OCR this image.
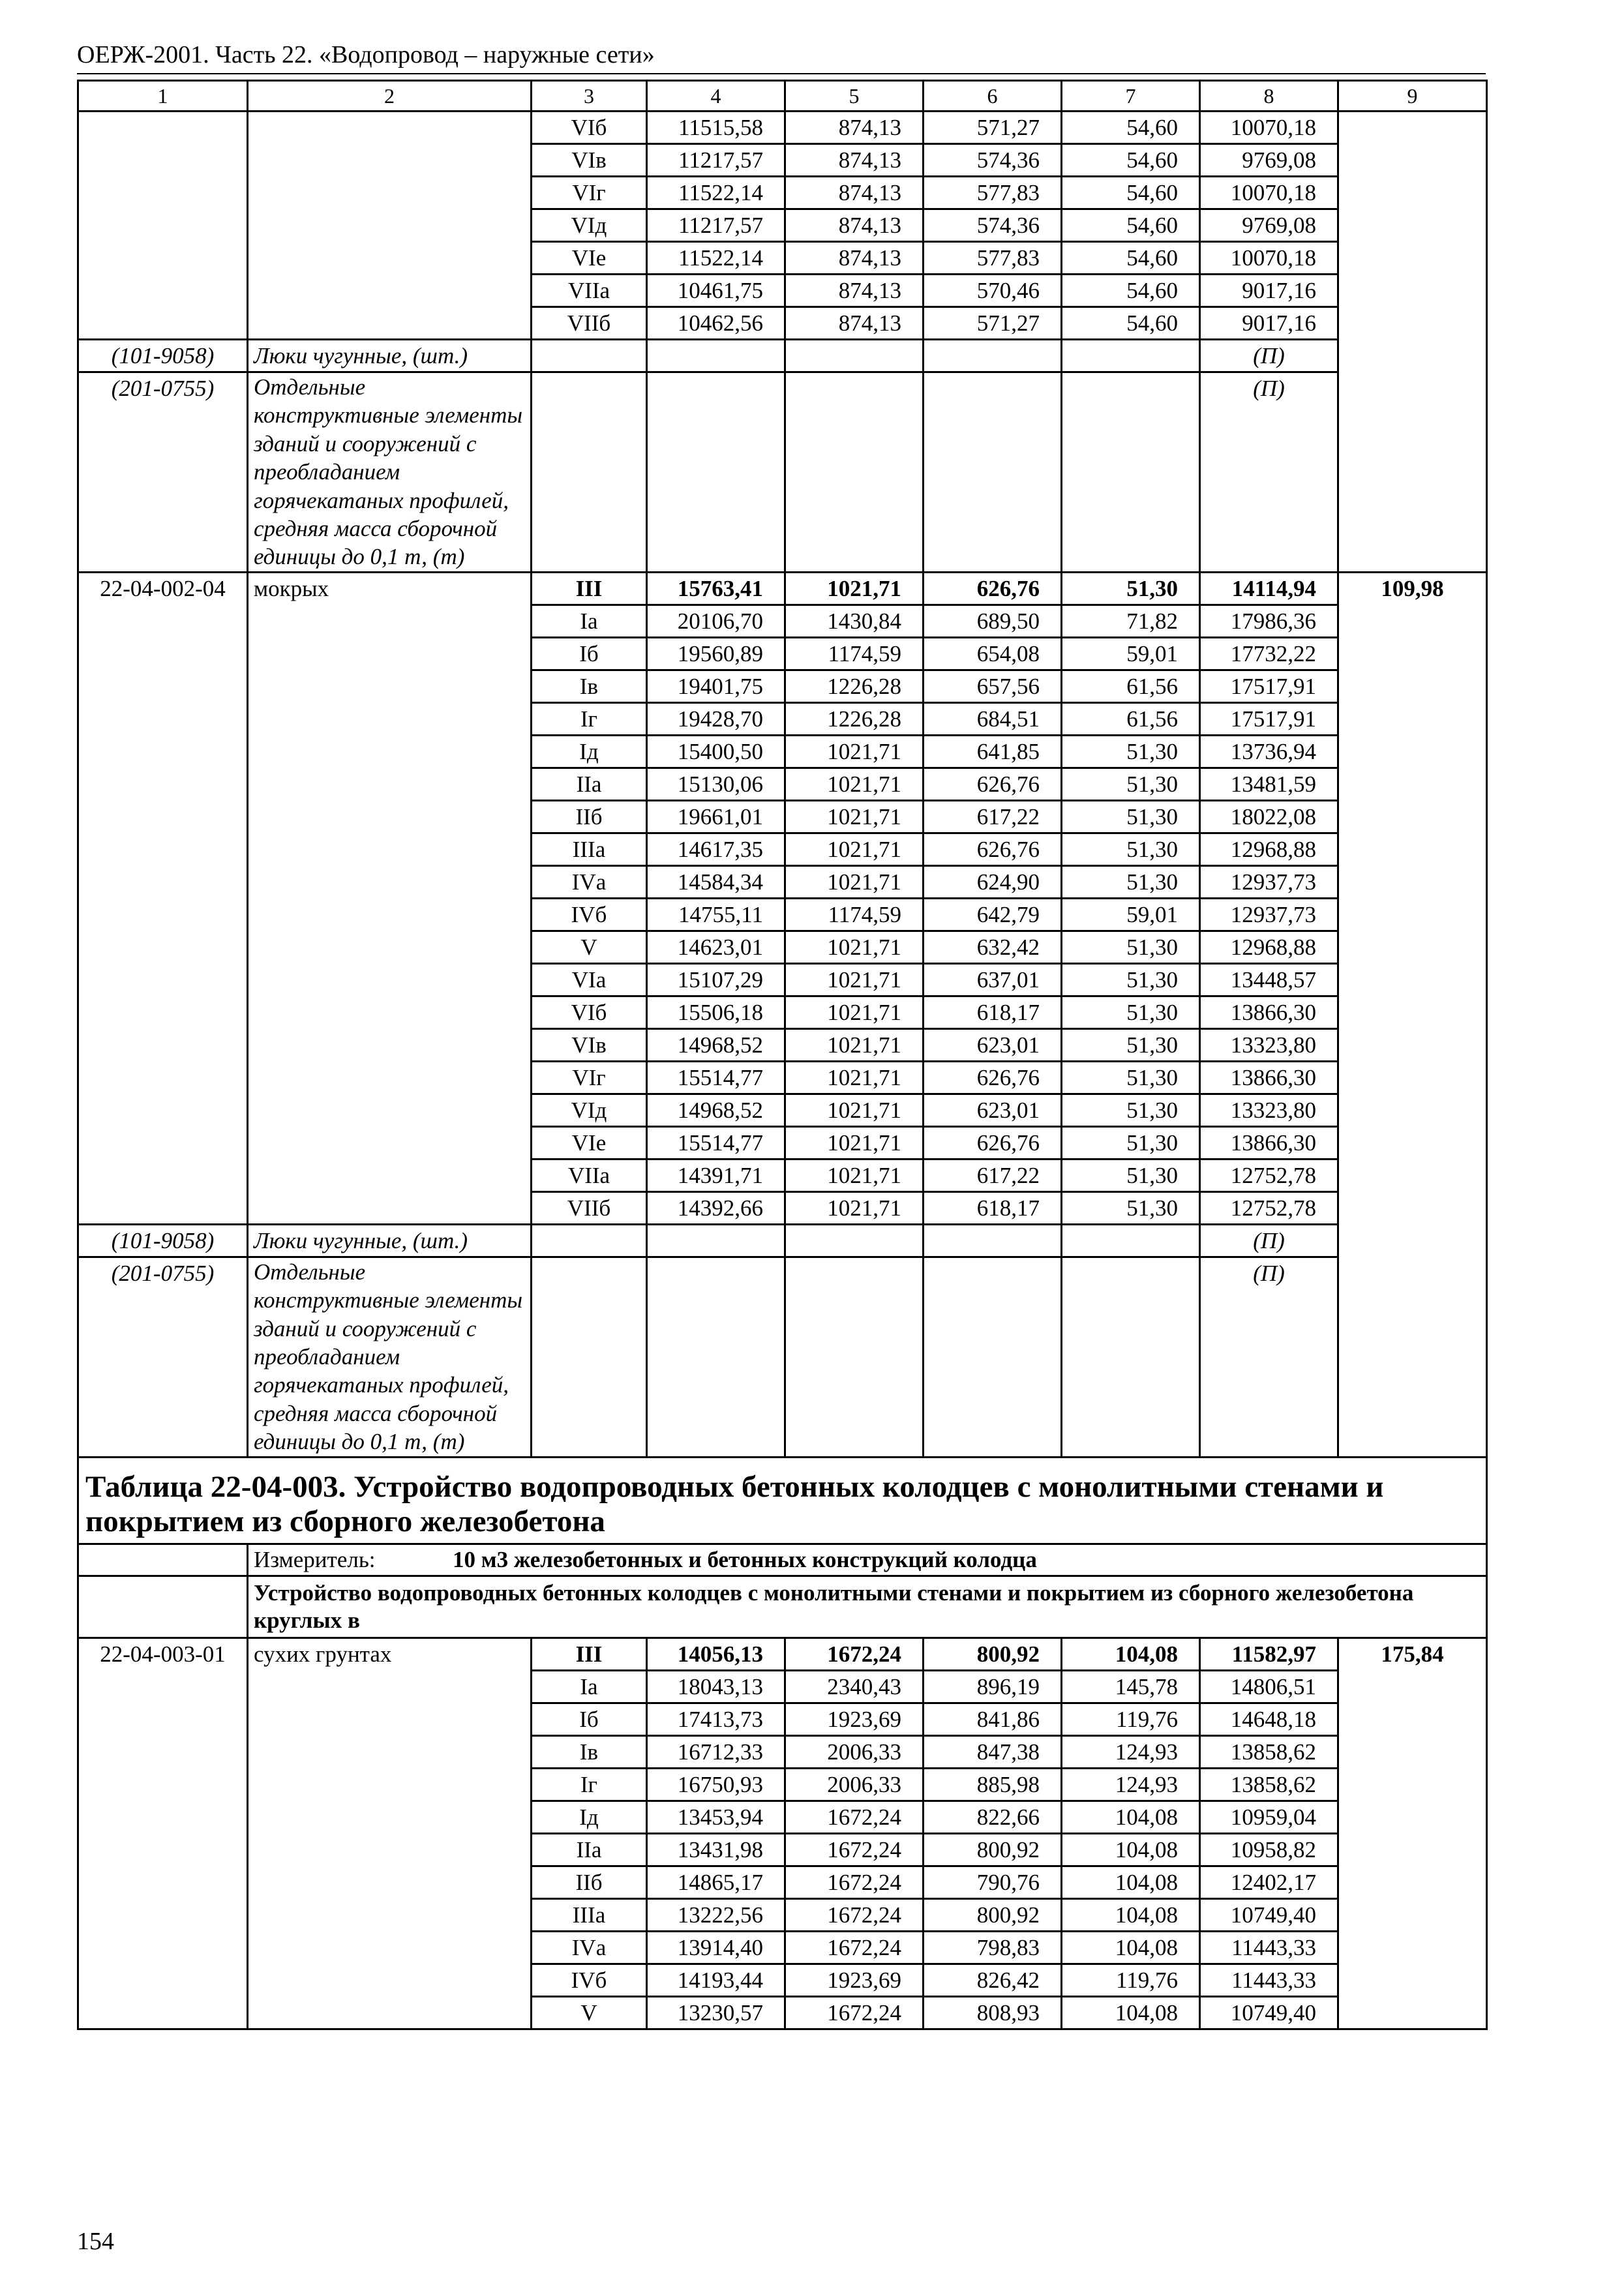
ОЕРЖ-2001. Часть 22. «Водопровод – наружные сети»
1	2	3	4	5	6	7	8	9
		VIб	11515,58	874,13	571,27	54,60	10070,18	
		VIв	11217,57	874,13	574,36	54,60	9769,08	
		VIг	11522,14	874,13	577,83	54,60	10070,18	
		VIд	11217,57	874,13	574,36	54,60	9769,08	
		VIе	11522,14	874,13	577,83	54,60	10070,18	
		VIIа	10461,75	874,13	570,46	54,60	9017,16	
		VIIб	10462,56	874,13	571,27	54,60	9017,16	
(101-9058)	Люки чугунные, (шт.)						(П)	
(201-0755)	Отдельные конструктивные элементы зданий и сооружений с преобладанием горячекатаных профилей, средняя масса сборочной единицы до 0,1 т, (т)						(П)	
22-04-002-04	мокрых	III	15763,41	1021,71	626,76	51,30	14114,94	109,98
		Iа	20106,70	1430,84	689,50	71,82	17986,36	
		Iб	19560,89	1174,59	654,08	59,01	17732,22	
		Iв	19401,75	1226,28	657,56	61,56	17517,91	
		Iг	19428,70	1226,28	684,51	61,56	17517,91	
		Iд	15400,50	1021,71	641,85	51,30	13736,94	
		IIа	15130,06	1021,71	626,76	51,30	13481,59	
		IIб	19661,01	1021,71	617,22	51,30	18022,08	
		IIIа	14617,35	1021,71	626,76	51,30	12968,88	
		IVа	14584,34	1021,71	624,90	51,30	12937,73	
		IVб	14755,11	1174,59	642,79	59,01	12937,73	
		V	14623,01	1021,71	632,42	51,30	12968,88	
		VIа	15107,29	1021,71	637,01	51,30	13448,57	
		VIб	15506,18	1021,71	618,17	51,30	13866,30	
		VIв	14968,52	1021,71	623,01	51,30	13323,80	
		VIг	15514,77	1021,71	626,76	51,30	13866,30	
		VIд	14968,52	1021,71	623,01	51,30	13323,80	
		VIе	15514,77	1021,71	626,76	51,30	13866,30	
		VIIа	14391,71	1021,71	617,22	51,30	12752,78	
		VIIб	14392,66	1021,71	618,17	51,30	12752,78	
(101-9058)	Люки чугунные, (шт.)						(П)	
(201-0755)	Отдельные конструктивные элементы зданий и сооружений с преобладанием горячекатаных профилей, средняя масса сборочной единицы до 0,1 т, (т)						(П)	
Таблица 22-04-003. Устройство водопроводных бетонных колодцев с монолитными стенами и покрытием из сборного железобетона								
	Измеритель: 10 м3 железобетонных и бетонных конструкций колодца							
	Устройство водопроводных бетонных колодцев с монолитными стенами и покрытием из сборного железобетона круглых в							
22-04-003-01	сухих грунтах	III	14056,13	1672,24	800,92	104,08	11582,97	175,84
		Iа	18043,13	2340,43	896,19	145,78	14806,51	
		Iб	17413,73	1923,69	841,86	119,76	14648,18	
		Iв	16712,33	2006,33	847,38	124,93	13858,62	
		Iг	16750,93	2006,33	885,98	124,93	13858,62	
		Iд	13453,94	1672,24	822,66	104,08	10959,04	
		IIа	13431,98	1672,24	800,92	104,08	10958,82	
		IIб	14865,17	1672,24	790,76	104,08	12402,17	
		IIIа	13222,56	1672,24	800,92	104,08	10749,40	
		IVа	13914,40	1672,24	798,83	104,08	11443,33	
		IVб	14193,44	1923,69	826,42	119,76	11443,33	
		V	13230,57	1672,24	808,93	104,08	10749,40	
154
